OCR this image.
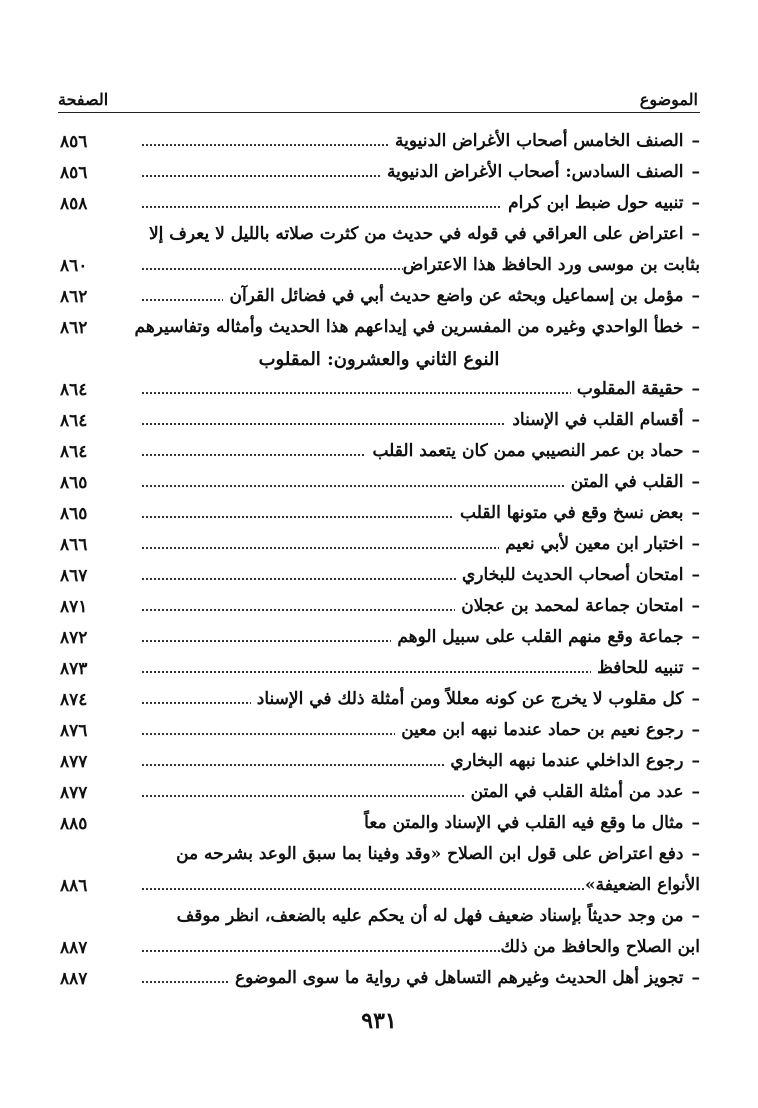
الموضوع
الصفحة
–الصنف الخامس أصحاب الأغراض الدنيوية
٨٥٦
–الصنف السادس: أصحاب الأغراض الدنيوية
٨٥٦
–تنبيه حول ضبط ابن كرام
٨٥٨
–اعتراض على العراقي في قوله في حديث من كثرت صلاته بالليل لا يعرف إلا
بثابت بن موسى ورد الحافظ هذا الاعتراض
٨٦٠
–مؤمل بن إسماعيل وبحثه عن واضع حديث أبي في فضائل القرآن
٨٦٢
–خطأ الواحدي وغيره من المفسرين في إيداعهم هذا الحديث وأمثاله وتفاسيرهم
٨٦٢
النوع الثاني والعشرون: المقلوب
–حقيقة المقلوب
٨٦٤
–أقسام القلب في الإسناد
٨٦٤
–حماد بن عمر النصيبي ممن كان يتعمد القلب
٨٦٤
–القلب في المتن
٨٦٥
–بعض نسخ وقع في متونها القلب
٨٦٥
–اختبار ابن معين لأبي نعيم
٨٦٦
–امتحان أصحاب الحديث للبخاري
٨٦٧
–امتحان جماعة لمحمد بن عجلان
٨٧١
–جماعة وقع منهم القلب على سبيل الوهم
٨٧٢
–تنبيه للحافظ
٨٧٣
–كل مقلوب لا يخرج عن كونه معللاً ومن أمثلة ذلك في الإسناد
٨٧٤
–رجوع نعيم بن حماد عندما نبهه ابن معين
٨٧٦
–رجوع الداخلي عندما نبهه البخاري
٨٧٧
–عدد من أمثلة القلب في المتن
٨٧٧
–مثال ما وقع فيه القلب في الإسناد والمتن معاً
٨٨٥
–دفع اعتراض على قول ابن الصلاح «وقد وفينا بما سبق الوعد بشرحه من
الأنواع الضعيفة»
٨٨٦
–من وجد حديثاً بإسناد ضعيف فهل له أن يحكم عليه بالضعف، انظر موقف
ابن الصلاح والحافظ من ذلك
٨٨٧
–تجويز أهل الحديث وغيرهم التساهل في رواية ما سوى الموضوع
٨٨٧
٩٣١
